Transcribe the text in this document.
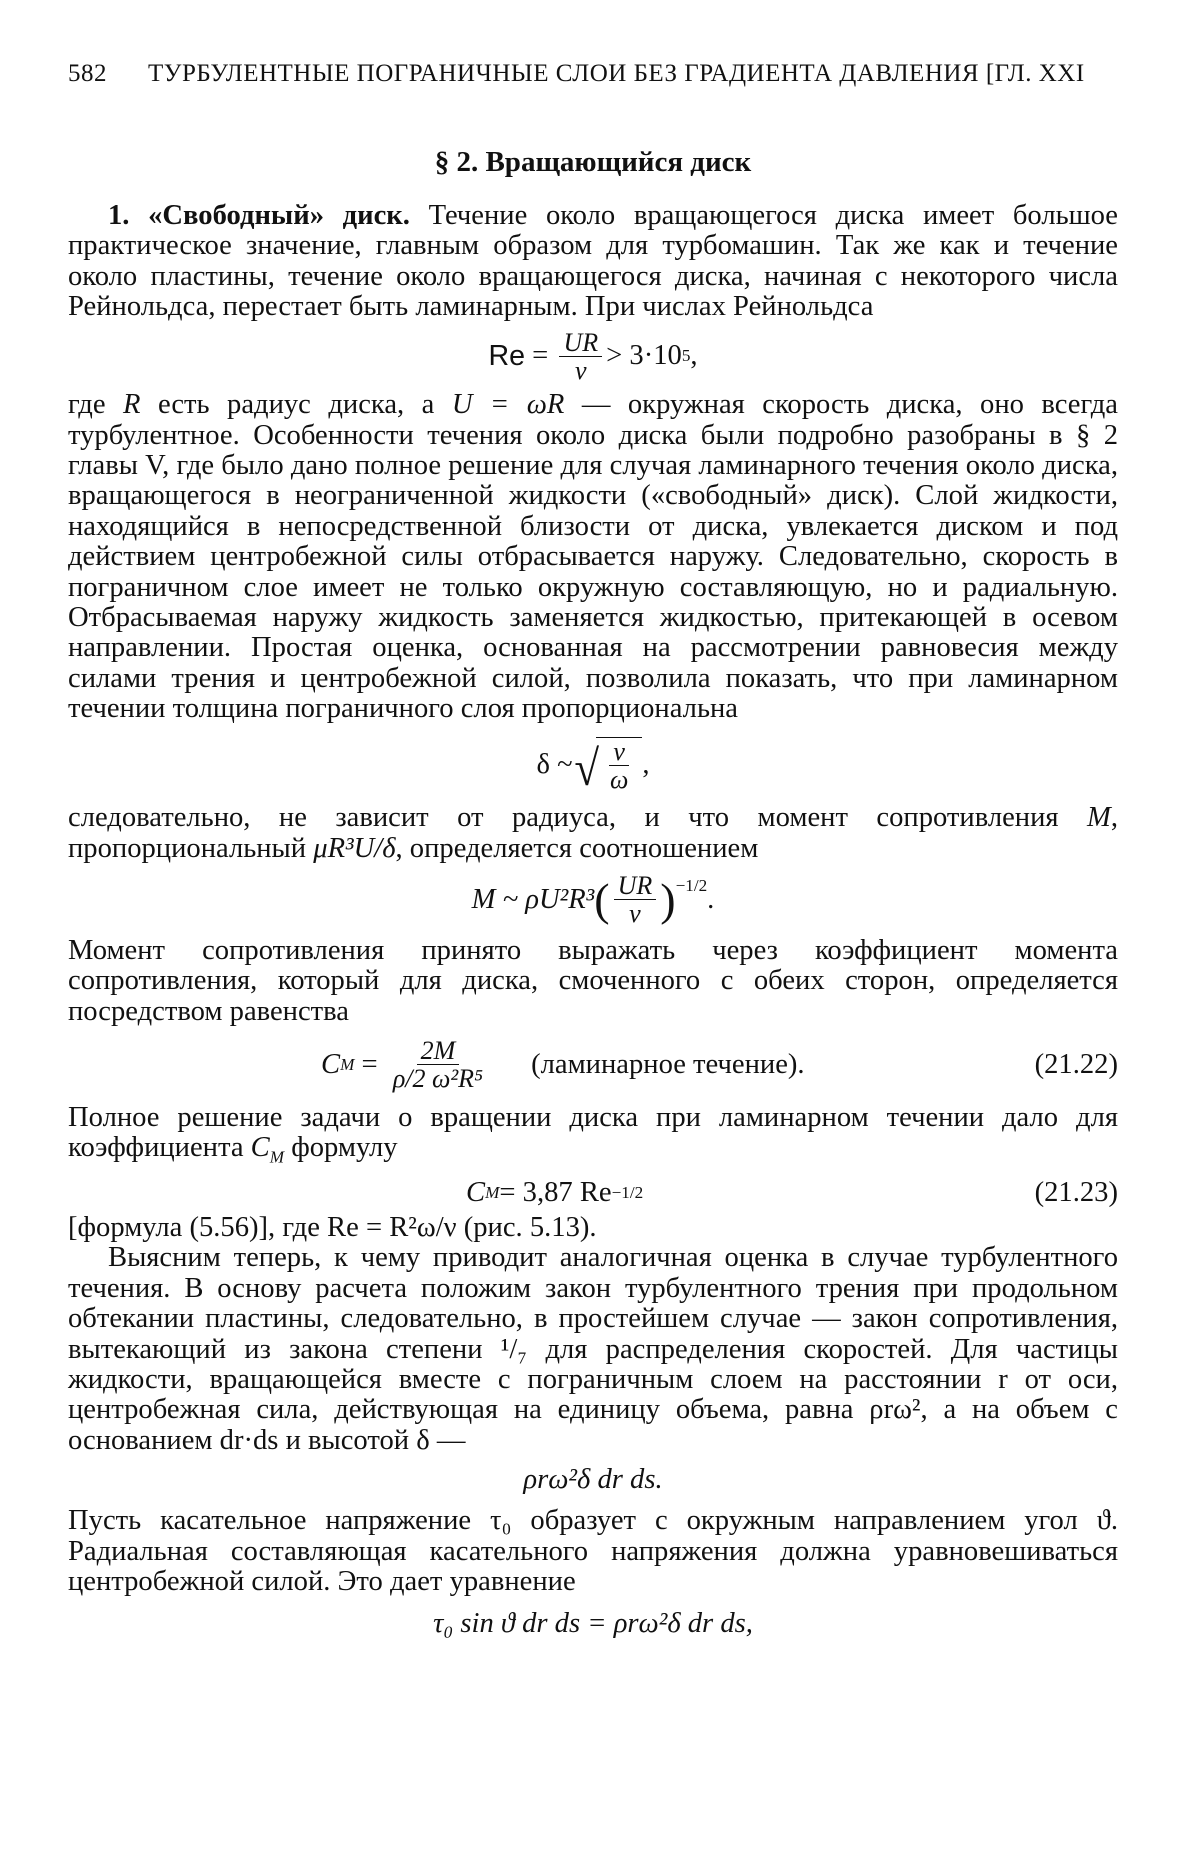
582	ТУРБУЛЕНТНЫЕ ПОГРАНИЧНЫЕ СЛОИ БЕЗ ГРАДИЕНТА ДАВЛЕНИЯ [ГЛ. XXI
§ 2. Вращающийся диск

1. «Свободный» диск. Течение около вращающегося диска имеет большое практическое значение, главным образом для турбомашин. Так же как и течение около пластины, течение около вращающегося диска, начиная с некоторого числа Рейнольдса, перестает быть ламинарным. При числах Рейнольдса

$Re = \frac{UR}{\nu} > 3\cdot 10$ 5 ,

где R есть радиус диска, а U = ωR — окружная скорость диска, оно всегда турбулентное. Особенности течения около диска были подробно разобраны в § 2 главы V, где было дано полное решение для случая ламинарного течения около диска, вращающегося в неограниченной жидкости («свободный» диск). Слой жидкости, находящийся в непосредственной близости от диска, увлекается диском и под действием центробежной силы отбрасывается наружу. Следовательно, скорость в пограничном слое имеет не только окружную составляющую, но и радиальную. Отбрасываемая наружу жидкость заменяется жидкостью, притекающей в осевом направлении. Простая оценка, основанная на рассмотрении равновесия между силами трения и центробежной силой, позволила показать, что при ламинарном течении толщина пограничного слоя пропорциональна

δ ~ √ $\frac{\nu}{\omega}$ ,

следовательно, не зависит от радиуса, и что момент сопротивления M, пропорциональный μR³U/δ, определяется соотношением

M ~ ρU²R³ ( $\frac{UR}{\nu} )^{-1/2}$ .

Момент сопротивления принято выражать через коэффициент момента сопротивления, который для диска, смоченного с обеих сторон, определяется посредством равенства

C $M = \frac{2M}{\text{ρ/2 ω²R⁵}}$ (ламинарное течение).	(21.22)

Полное решение задачи о вращении диска при ламинарном течении дало для коэффициента $C_M$ формулу

C M = 3,87 Re −1/2	(21.23)

[формула (5.56)], где Re = R²ω/ν (рис. 5.13).

Выясним теперь, к чему приводит аналогичная оценка в случае турбулентного течения. В основу расчета положим закон турбулентного трения при продольном обтекании пластины, следовательно, в простейшем случае — закон сопротивления, вытекающий из закона степени ¹/₇ для распределения скоростей. Для частицы жидкости, вращающейся вместе с пограничным слоем на расстоянии r от оси, центробежная сила, действующая на единицу объема, равна ρrω², а на объем с основанием dr·ds и высотой δ —

ρrω²δ dr ds.

Пусть касательное напряжение τ₀ образует с окружным направлением угол ϑ. Радиальная составляющая касательного напряжения должна уравновешиваться центробежной силой. Это дает уравнение

τ₀ sin ϑ dr ds = ρrω²δ dr ds,
